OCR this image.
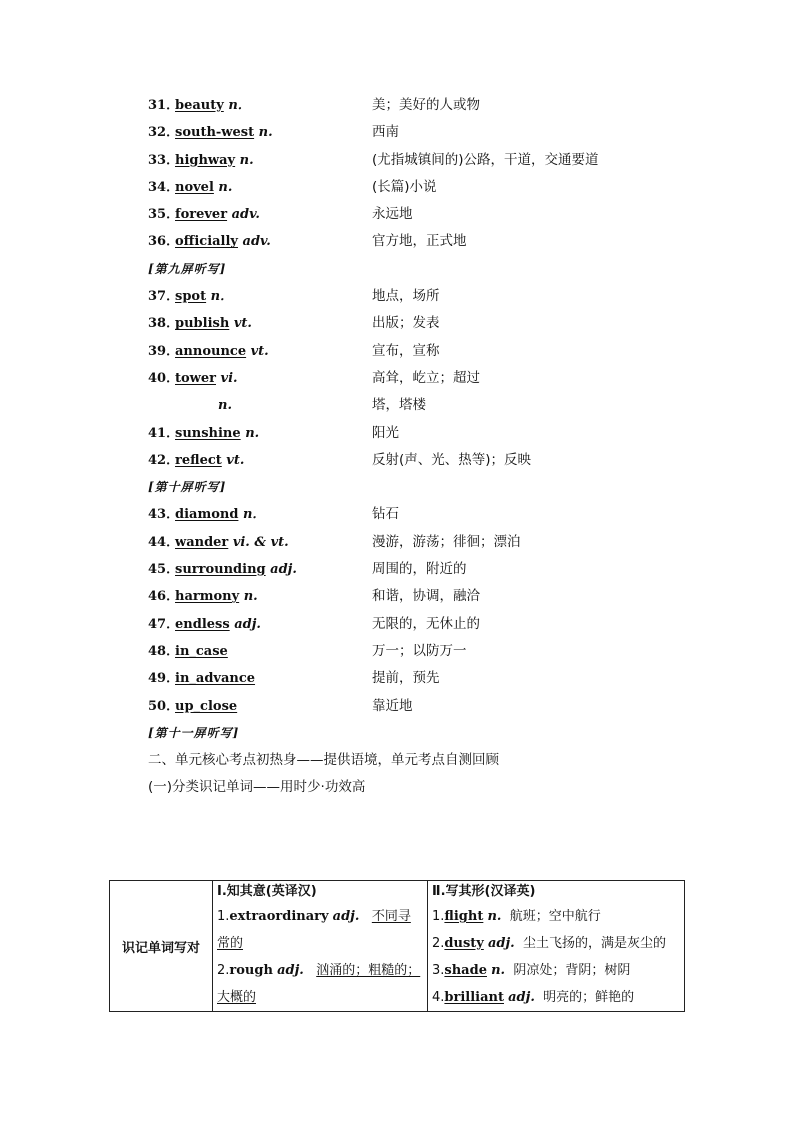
31．
beauty n．	美；美好的人或物
32．
south-west n.	西南
33．
highway n.	(尤指城镇间的)公路，干道，交通要道
34．
novel n.	(长篇)小说
35．
forever adv.	永远地
36．
officially adv.	官方地，正式地
[第九屏听写]
37．
spot n．	地点，场所
38．
publish vt.	出版；发表
39．
announce vt.	宣布，宣称
40．
tower vi.	高耸，屹立；超过
n.	塔，塔楼
41．
sunshine n.	阳光
42．
reflect vt.	反射(声、光、热等)；反映
[第十屏听写]
43．
diamond n．	钻石
44．
wander vi. & vt.	漫游，游荡；徘徊；漂泊
45．
surrounding adj.	周围的，附近的
46．
harmony n.	和谐，协调，融洽
47．
endless adj.	无限的，无休止的
48．
in_case	万一；以防万一
49．
in_advance	提前，预先
50．
up_close	靠近地
[第十一屏听写]
二、单元核心考点初热身——提供语境，单元考点自测回顾
(一)分类识记单词——用时少·功效高
识记单词写对	
Ⅰ.知其意(英译汉)
1.extraordinary adj. 不同寻常的
2.rough adj. 汹涌的；粗糙的；大概的

Ⅱ.写其形(汉译英)
1.flight n. 航班；空中航行
2.dusty adj. 尘土飞扬的，满是灰尘的
3.shade n. 阴凉处；背阴；树阴
4.brilliant adj. 明亮的；鲜艳的
